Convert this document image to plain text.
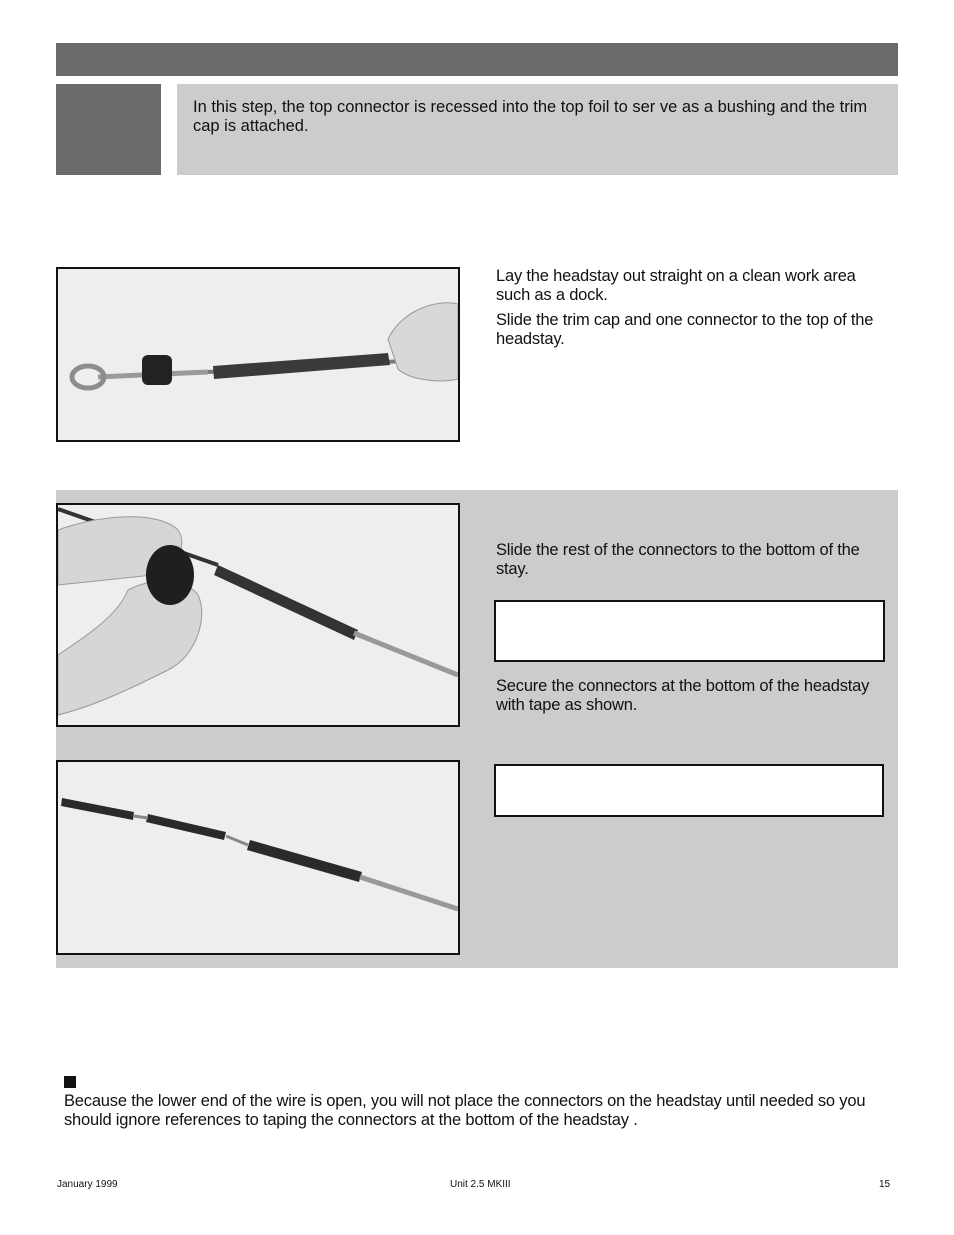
In this step, the top connector is recessed into the top foil to ser ve as a bushing and the trim cap is attached.

Lay the headstay out straight on a clean work area such as a dock.

Slide the trim cap and one connector to the top of the headstay.

Slide the rest of the connectors to the bottom of the stay.
Secure the connectors at the bottom of the headstay with tape as shown.
Because the lower end of the wire is open, you will not place the connectors on the headstay until needed so you should ignore references to taping the connectors at the bottom of the headstay .
January 1999	Unit 2.5 MKIII	15
